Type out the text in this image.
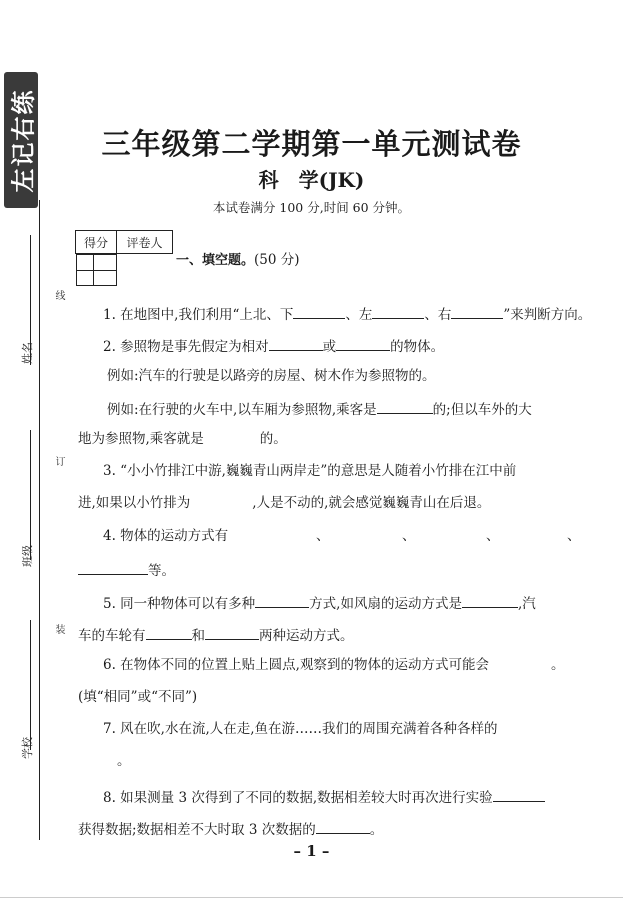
左记右练
线
订
装
姓名
班级
学校
三年级第二学期第一单元测试卷
科　学(JK)
本试卷满分 100 分,时间 60 分钟。
得分	评卷人

一、填空题。(50 分)
1. 在地图中,我们利用“上北、下	、左	、右	”来判断方向。
2. 参照物是事先假定为相对	或	的物体。
例如:汽车的行驶是以路旁的房屋、树木作为参照物的。
例如:在行驶的火车中,以车厢为参照物,乘客是	的;但以车外的大
地为参照物,乘客就是	的。
3. “小小竹排江中游,巍巍青山两岸走”的意思是人随着小竹排在江中前
进,如果以小竹排为	,人是不动的,就会感觉巍巍青山在后退。
4. 物体的运动方式有	、	、	、	、
等。
5. 同一种物体可以有多种	方式,如风扇的运动方式是	,汽
车的车轮有	和	两种运动方式。
6. 在物体不同的位置上贴上圆点,观察到的物体的运动方式可能会	。
(填“相同”或“不同”)
7. 风在吹,水在流,人在走,鱼在游……我们的周围充满着各种各样的
。
8. 如果测量 3 次得到了不同的数据,数据相差较大时再次进行实验
获得数据;数据相差不大时取 3 次数据的	。
– 1 –
